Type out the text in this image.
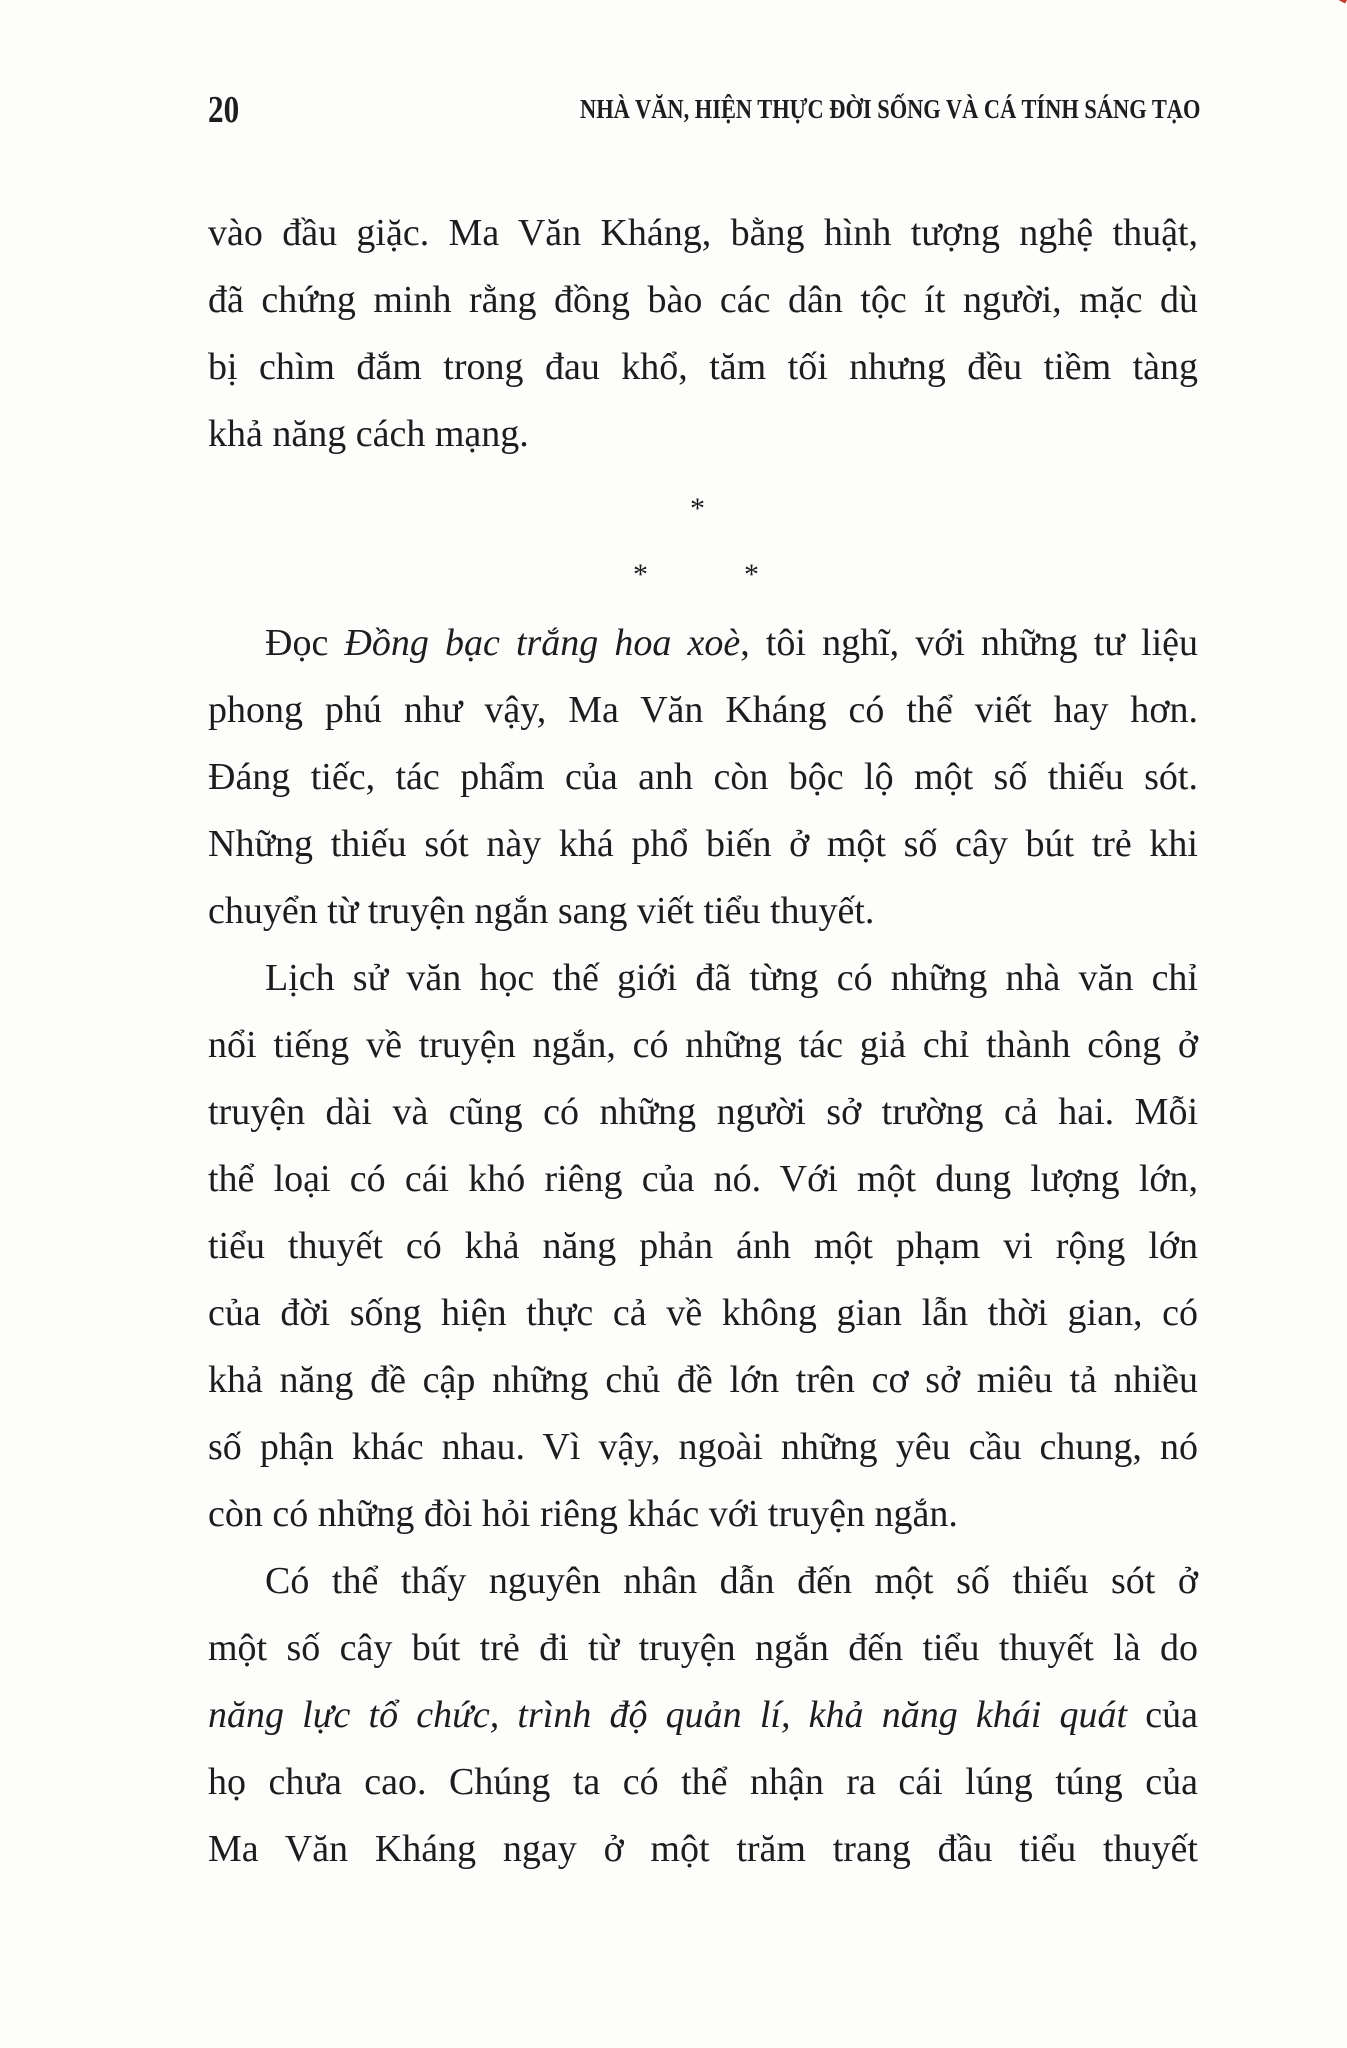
20	NHÀ VĂN, HIỆN THỰC ĐỜI SỐNG VÀ CÁ TÍNH SÁNG TẠO
vào đầu giặc. Ma Văn Kháng, bằng hình tượng nghệ thuật,
đã chứng minh rằng đồng bào các dân tộc ít người, mặc dù
bị chìm đắm trong đau khổ, tăm tối nhưng đều tiềm tàng
khả năng cách mạng.
*
*	*
Đọc Đồng bạc trắng hoa xoè, tôi nghĩ, với những tư liệu
phong phú như vậy, Ma Văn Kháng có thể viết hay hơn.
Đáng tiếc, tác phẩm của anh còn bộc lộ một số thiếu sót.
Những thiếu sót này khá phổ biến ở một số cây bút trẻ khi
chuyển từ truyện ngắn sang viết tiểu thuyết.
Lịch sử văn học thế giới đã từng có những nhà văn chỉ
nổi tiếng về truyện ngắn, có những tác giả chỉ thành công ở
truyện dài và cũng có những người sở trường cả hai. Mỗi
thể loại có cái khó riêng của nó. Với một dung lượng lớn,
tiểu thuyết có khả năng phản ánh một phạm vi rộng lớn
của đời sống hiện thực cả về không gian lẫn thời gian, có
khả năng đề cập những chủ đề lớn trên cơ sở miêu tả nhiều
số phận khác nhau. Vì vậy, ngoài những yêu cầu chung, nó
còn có những đòi hỏi riêng khác với truyện ngắn.
Có thể thấy nguyên nhân dẫn đến một số thiếu sót ở
một số cây bút trẻ đi từ truyện ngắn đến tiểu thuyết là do
năng lực tổ chức, trình độ quản lí, khả năng khái quát của
họ chưa cao. Chúng ta có thể nhận ra cái lúng túng của
Ma Văn Kháng ngay ở một trăm trang đầu tiểu thuyết
